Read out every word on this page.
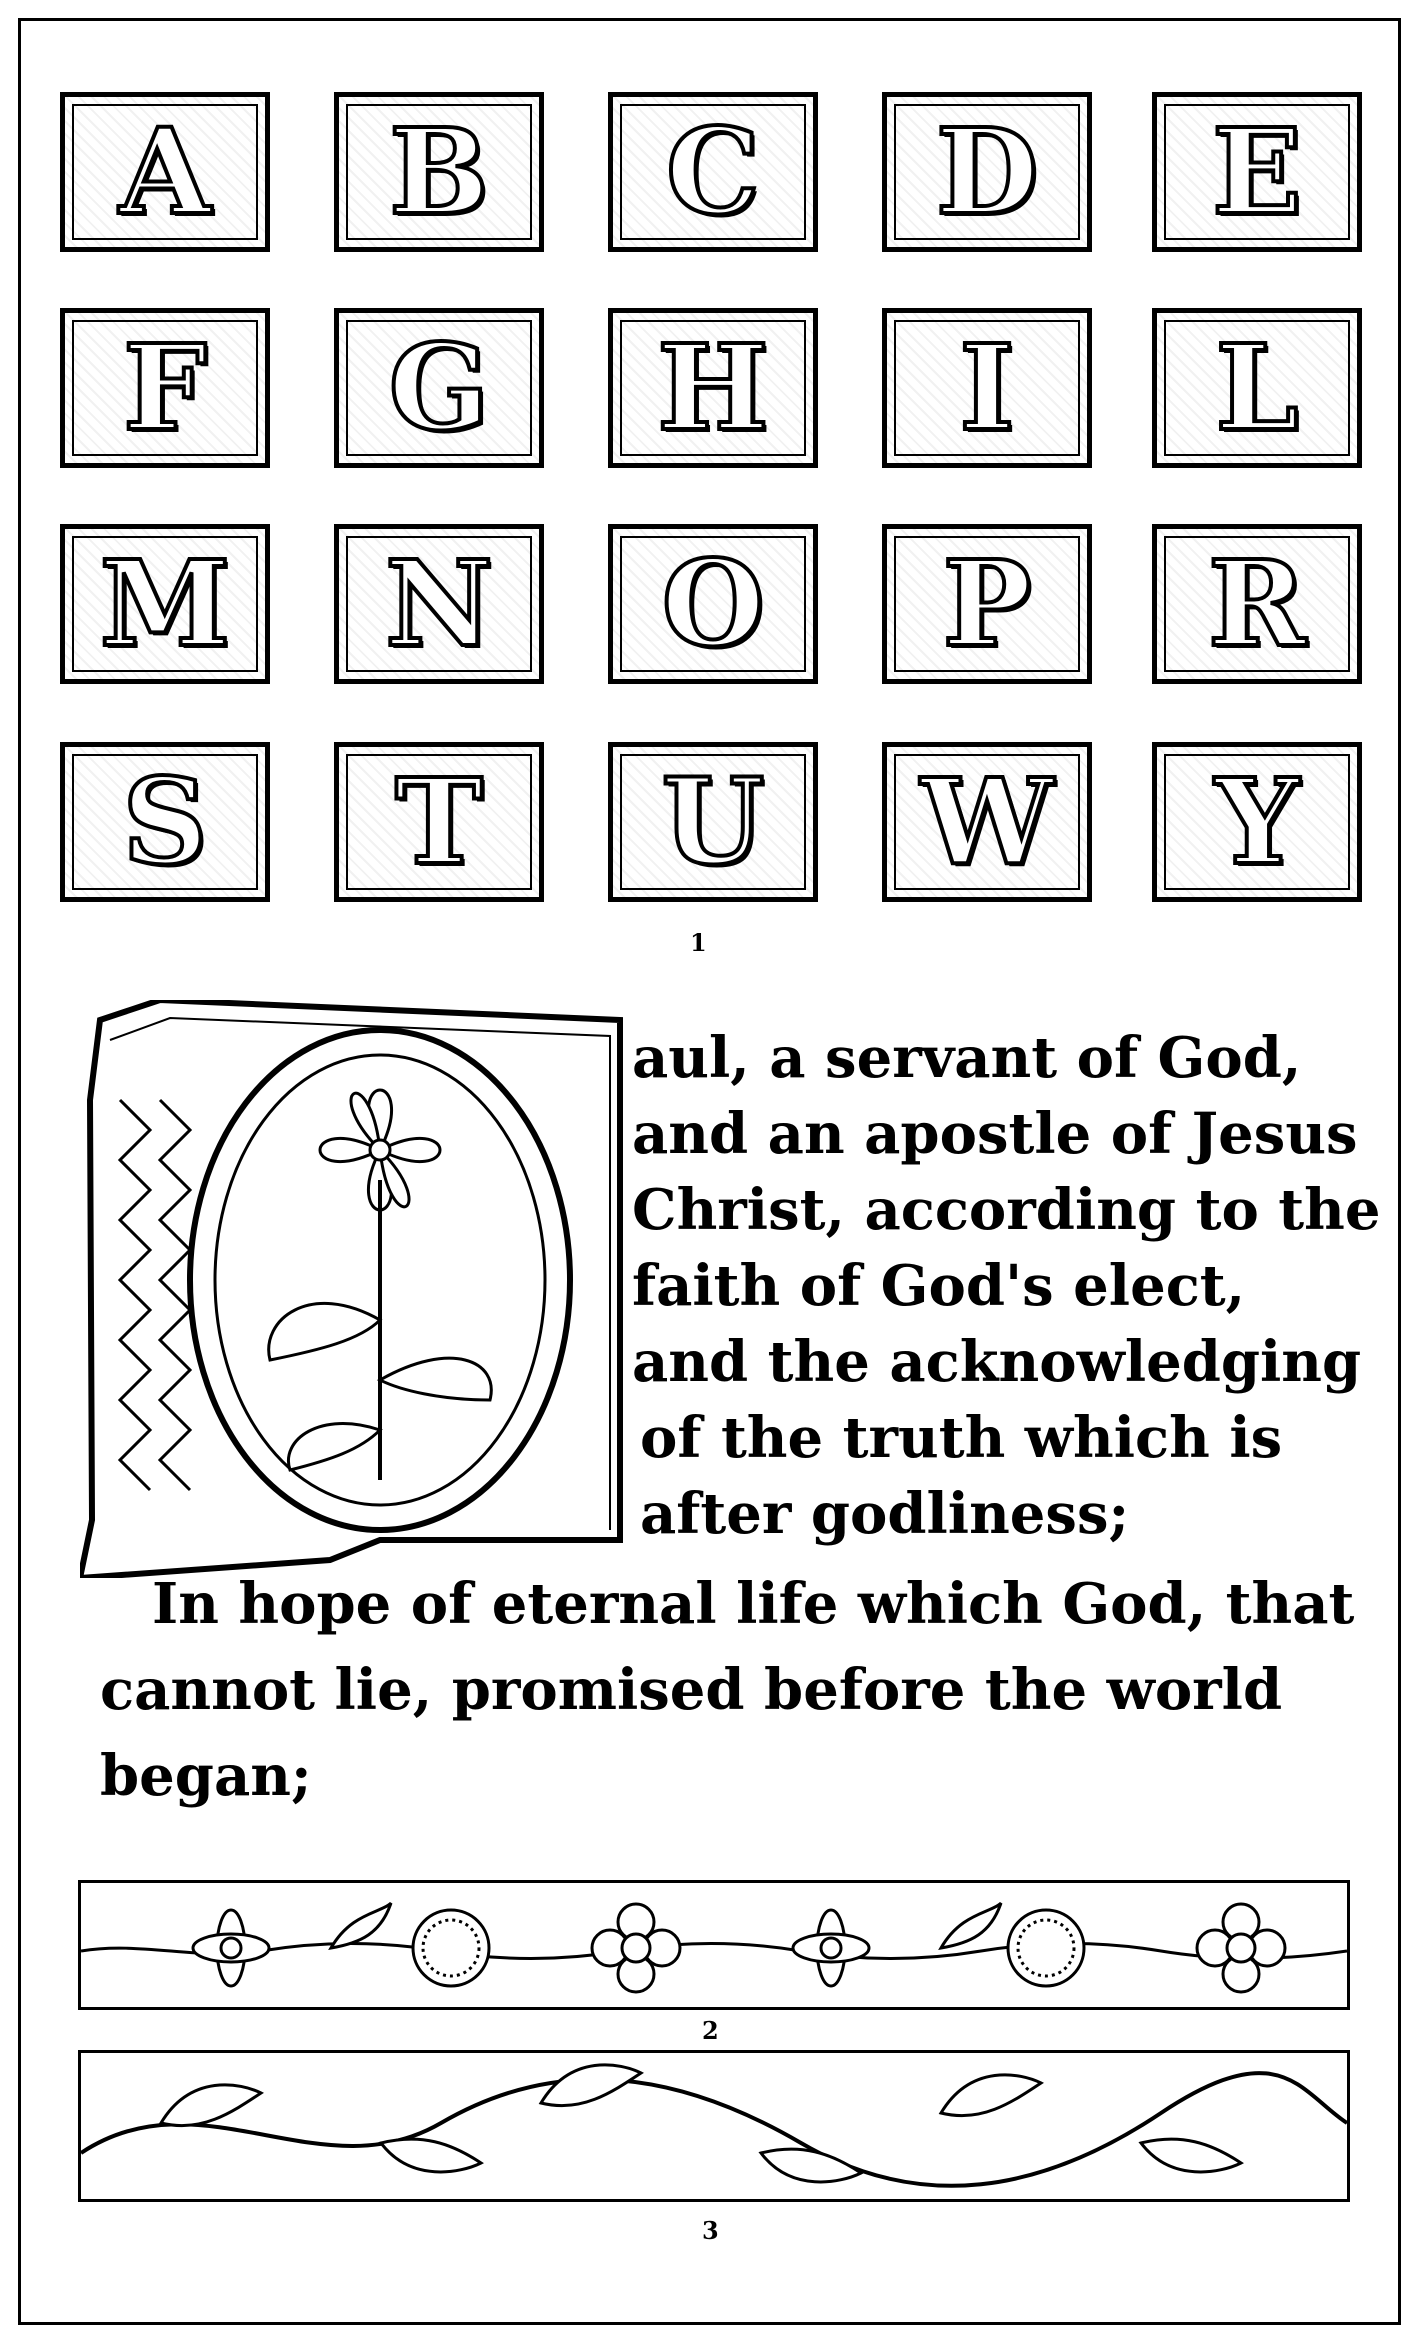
A B C D E
F G H I L
M N O P R
S T U W Y
1
aul, a servant of God,
and an apostle of Jesus
Christ, according to the
faith of God's elect,
and the acknowledging
of the truth which is
after godliness;
In hope of eternal life which God, that
cannot lie, promised before the world
began;
2
3
